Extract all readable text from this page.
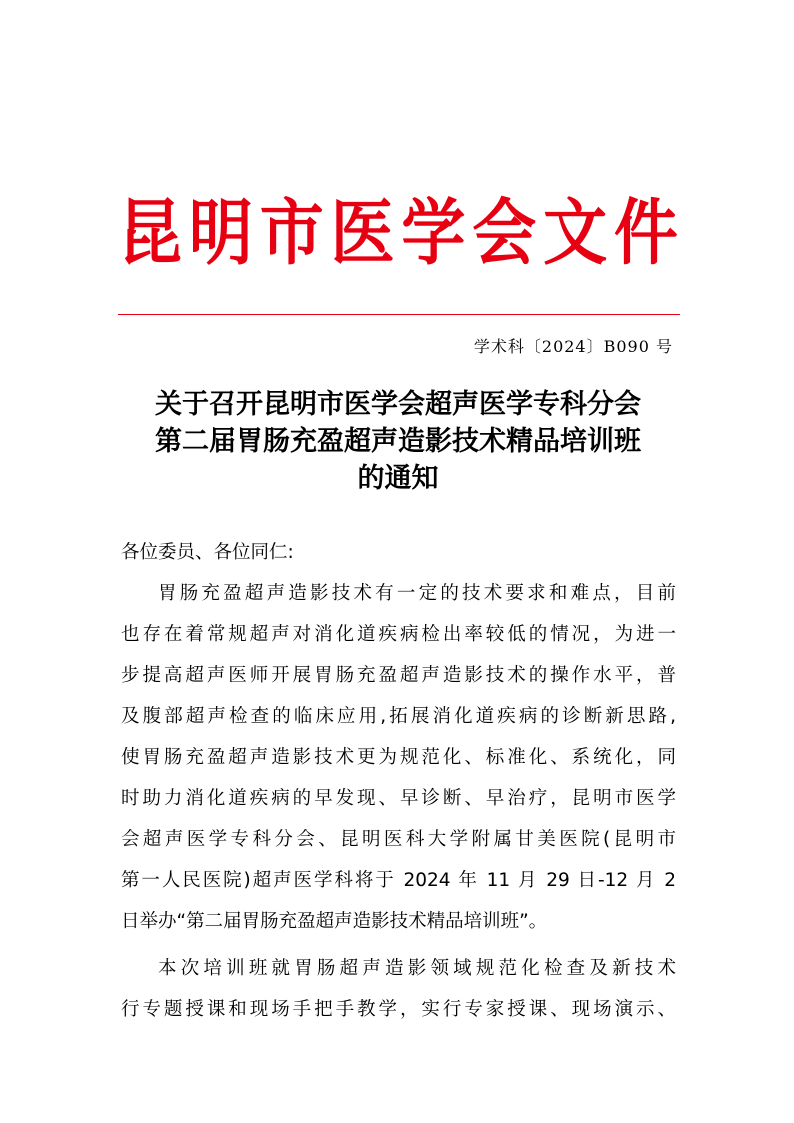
昆 明 市 医 学 会 文 件

学术科〔2024〕B090 号

关于召开昆明市医学会超声医学专科分会
第二届胃肠充盈超声造影技术精品培训班
的通知

各位委员、各位同仁:

胃肠充盈超声造影技术有一定的技术要求和难点，目前
也存在着常规超声对消化道疾病检出率较低的情况，为进一
步提高超声医师开展胃肠充盈超声造影技术的操作水平，普
及腹部超声检查的临床应用,拓展消化道疾病的诊断新思路,
使胃肠充盈超声造影技术更为规范化、标准化、系统化，同
时助力消化道疾病的早发现、早诊断、早治疗，昆明市医学
会超声医学专科分会、昆明医科大学附属甘美医院(昆明市
第一人民医院)超声医学科将于 2024 年 11 月 29 日-12 月 2
日举办“第二届胃肠充盈超声造影技术精品培训班”。
本次培训班就胃肠超声造影领域规范化检查及新技术
行专题授课和现场手把手教学，实行专家授课、现场演示、
